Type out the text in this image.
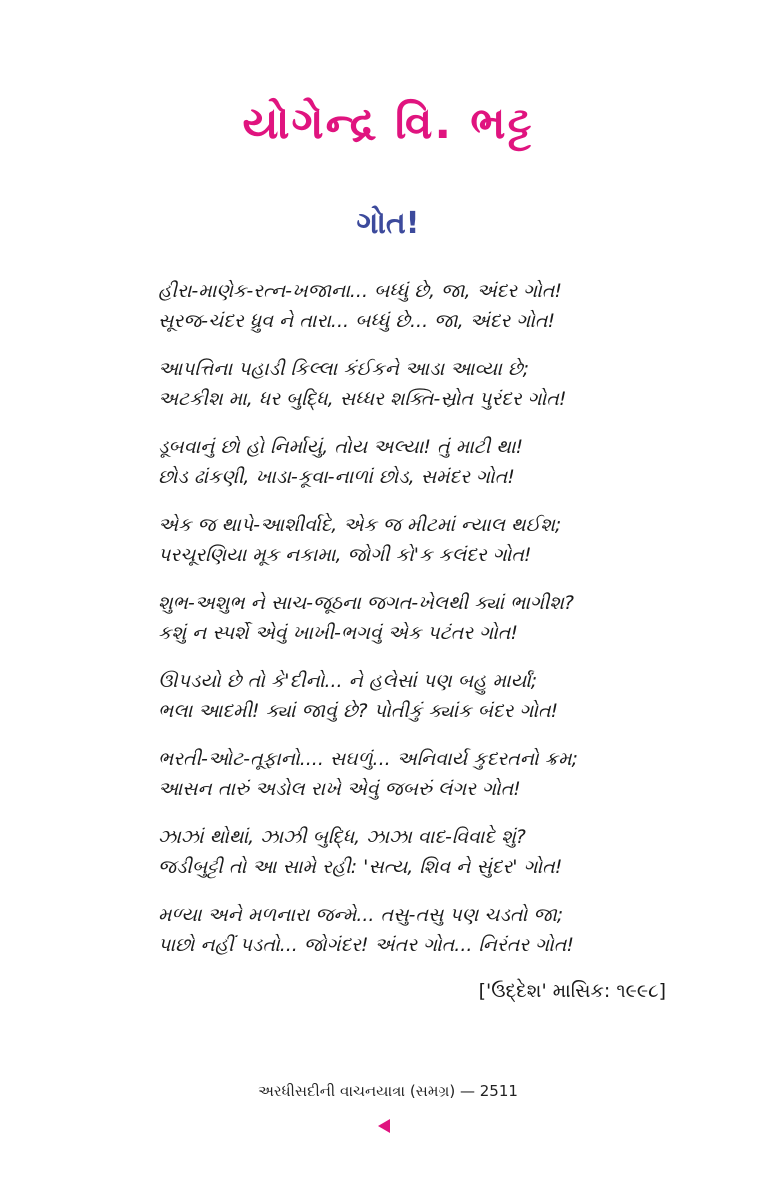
યોગેન્દ્ર વિ. ભટ્ટ
ગોત!

હીરા-માણેક-રત્ન-ખજાના... બધ્ધું છે, જા, અંદર ગોત!
સૂરજ-ચંદર ધ્રુવ ને તારા... બધ્ધું છે... જા, અંદર ગોત!

આપત્તિના પહાડી કિલ્લા કંઈકને આડા આવ્યા છે;
અટકીશ મા, ધર બુદ્ધિ, સધ્ધર શક્તિ-સ્રોત પુરંદર ગોત!

ડૂબવાનું છો હો નિર્માયું, તોય અલ્યા! તું માટી થા!
છોડ ઢાંકણી, ખાડા-કૂવા-નાળાં છોડ, સમંદર ગોત!

એક જ થાપે-આશીર્વાદે, એક જ મીટમાં ન્યાલ થઈશ;
પરચૂરણિયા મૂક નકામા, જોગી કો'ક કલંદર ગોત!

શુભ-અશુભ ને સાચ-જૂઠના જગત-ખેલથી ક્યાં ભાગીશ?
કશું ન સ્પર્શે એવું ખાખી-ભગવું એક પટંતર ગોત!

ઊપડયો છે તો કે'દીનો... ને હલેસાં પણ બહુ માર્યાં;
ભલા આદમી! ક્યાં જાવું છે? પોતીકું ક્યાંક બંદર ગોત!

ભરતી-ઓટ-તૂફાનો.... સઘળું... અનિવાર્ય કુદરતનો ક્રમ;
આસન તારું અડોલ રાખે એવું જબરું લંગર ગોત!

ઝાઝાં થોથાં, ઝાઝી બુદ્ધિ, ઝાઝા વાદ-વિવાદે શું?
જડીબુટ્ટી તો આ સામે રહી: 'સત્ય, શિવ ને સુંદર' ગોત!

મળ્યા અને મળનારા જન્મે... તસુ-તસુ પણ ચડતો જા;
પાછો નહીં પડતો... જોગંદર! અંતર ગોત... નિરંતર ગોત!

['ઉદ્દેશ' માસિક: ૧૯૯૮]
અરધીસદીની વાચનયાત્રા (સમગ્ર) — 2511
